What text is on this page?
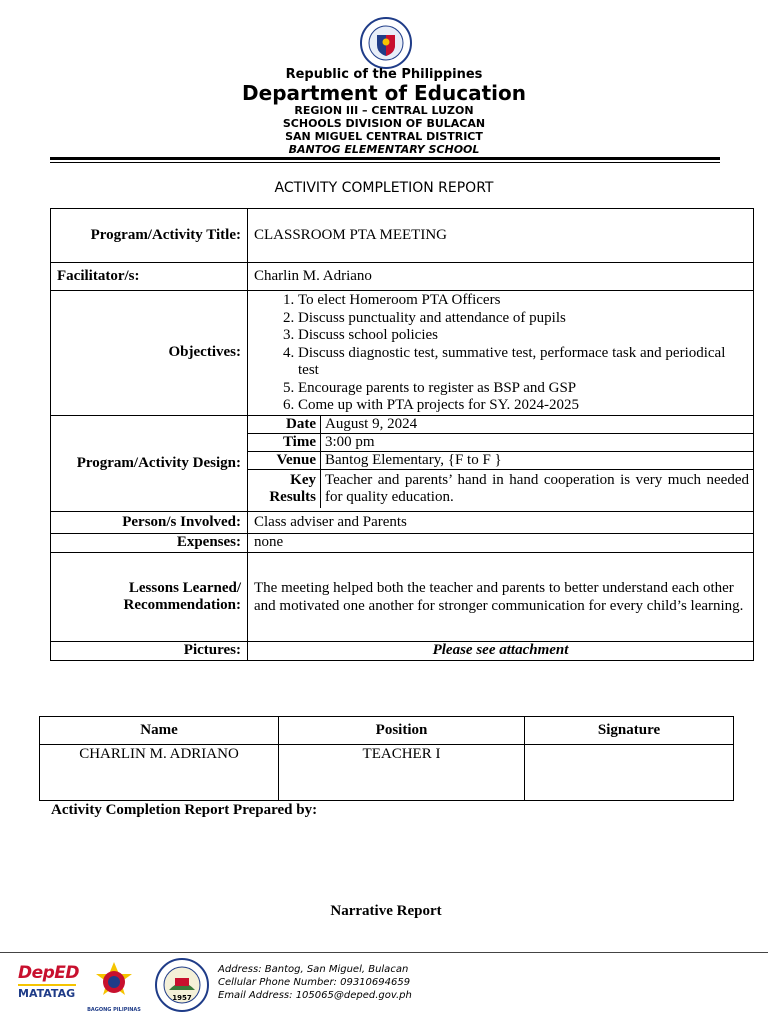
Republic of the Philippines
Department of Education
REGION III – CENTRAL LUZON
SCHOOLS DIVISION OF BULACAN
SAN MIGUEL CENTRAL DISTRICT
BANTOG ELEMENTARY SCHOOL
ACTIVITY COMPLETION REPORT
Program/Activity Title:	CLASSROOM PTA MEETING
Facilitator/s:	Charlin M. Adriano
Objectives:	
1. To elect Homeroom PTA Officers
2. Discuss punctuality and attendance of pupils
3. Discuss school policies
4. Discuss diagnostic test, summative test, performace task and periodical test
5. Encourage parents to register as BSP and GSP
6. Come up with PTA projects for SY. 2024-2025

Program/Activity Design:	
Date	August 9, 2024
Time	3:00 pm
Venue	Bantog Elementary, {F to F }
Key Results	Teacher and parents’ hand in hand cooperation is very much needed for quality education.

Person/s Involved:	Class adviser and Parents
Expenses:	none
Lessons Learned/ Recommendation:	The meeting helped both the teacher and parents to better understand each other and motivated one another for stronger communication for every child’s learning.
Pictures:	Please see attachment
Name	Position	Signature
CHARLIN M. ADRIANO	TEACHER I	
Activity Completion Report Prepared by:
Narrative Report
DepED
MATATAG
BAGONG PILIPINAS
1957
Address: Bantog, San Miguel, Bulacan
Cellular Phone Number: 09310694659
Email Address: 105065@deped.gov.ph
